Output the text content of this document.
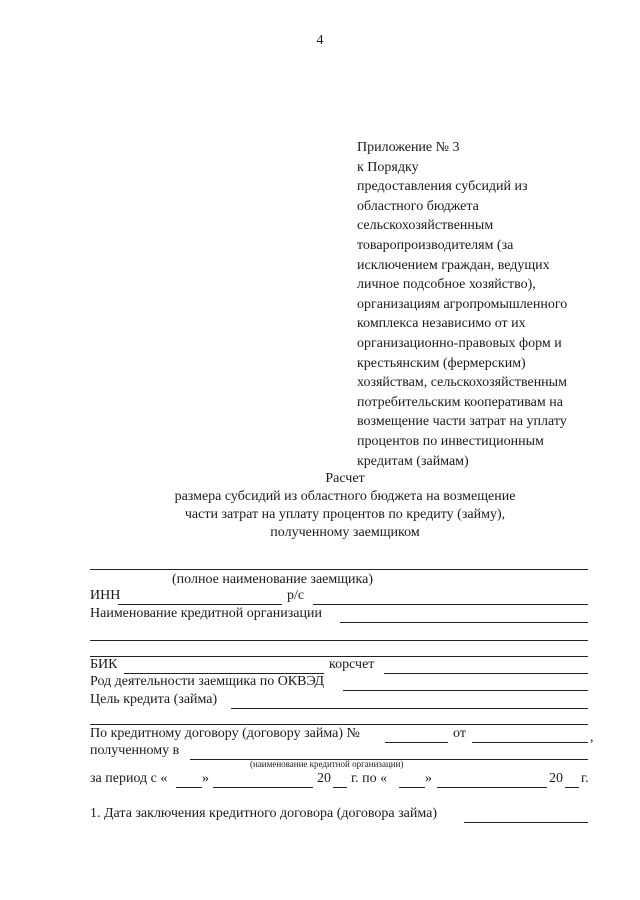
4
Приложение № 3
к Порядку
предоставления субсидий из
областного бюджета
сельскохозяйственным
товаропроизводителям (за
исключением граждан, ведущих
личное подсобное хозяйство),
организациям агропромышленного
комплекса независимо от их
организационно-правовых форм и
крестьянским (фермерским)
хозяйствам, сельскохозяйственным
потребительским кооперативам на
возмещение части затрат на уплату
процентов по инвестиционным
кредитам (займам)
Расчет
размера субсидий из областного бюджета на возмещение
части затрат на уплату процентов по кредиту (займу),
полученному заемщиком
(полное наименование заемщика)
ИНН	р/с
Наименование кредитной организации
БИК	корсчет
Род деятельности заемщика по ОКВЭД
Цель кредита (займа)
По кредитному договору (договору займа) №	от	,
полученному в
(наименование кредитной организации)
за период с « »	20 г. по «	»	20 г.
1. Дата заключения кредитного договора (договора займа)
